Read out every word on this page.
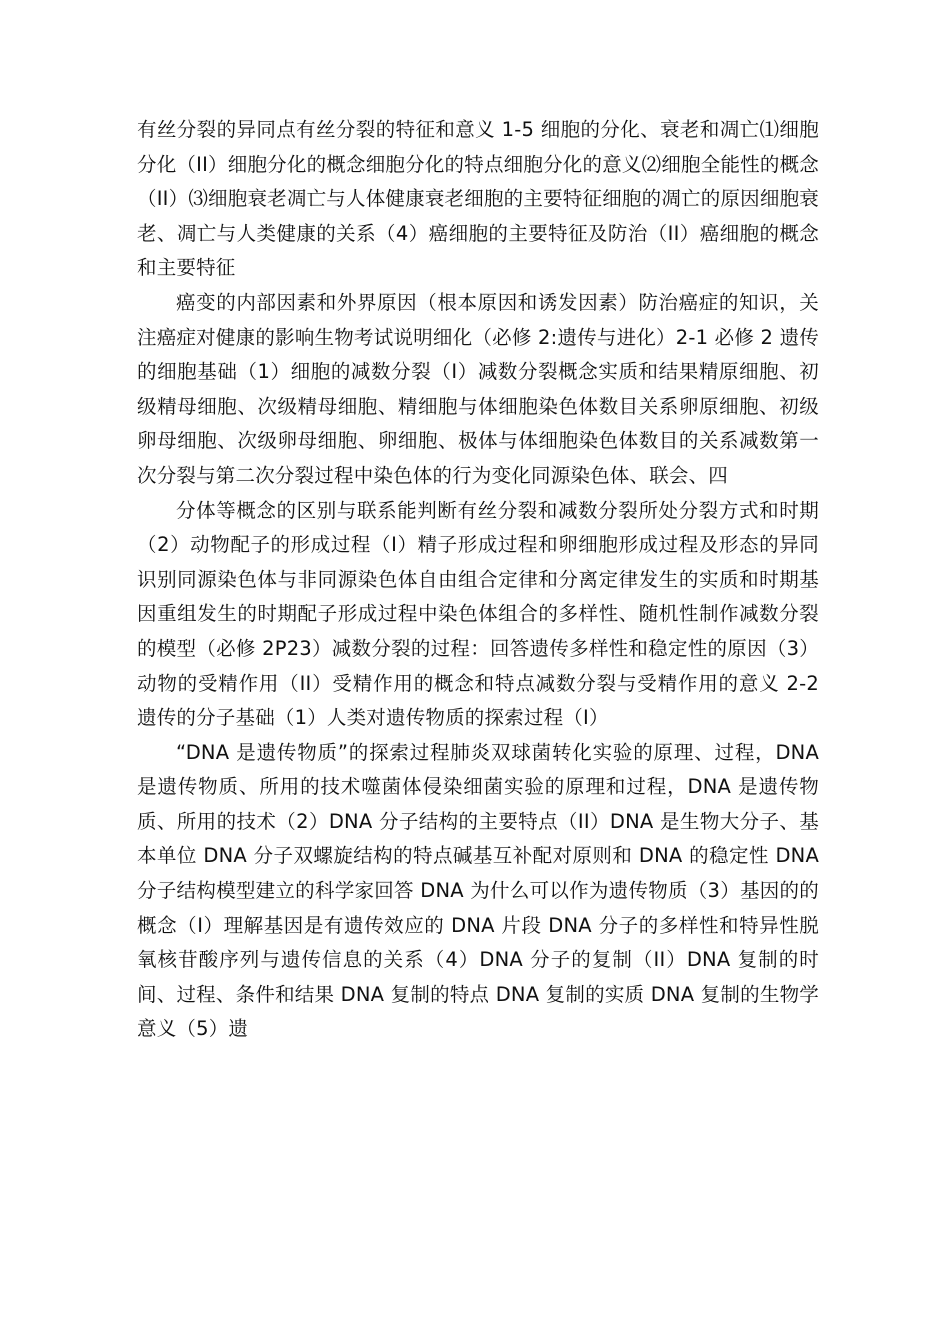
有丝分裂的异同点有丝分裂的特征和意义 1-5 细胞的分化、衰老和凋亡⑴细胞分化（II）细胞分化的概念细胞分化的特点细胞分化的意义⑵细胞全能性的概念（II）⑶细胞衰老凋亡与人体健康衰老细胞的主要特征细胞的凋亡的原因细胞衰老、凋亡与人类健康的关系（4）癌细胞的主要特征及防治（II）癌细胞的概念和主要特征

癌变的内部因素和外界原因（根本原因和诱发因素）防治癌症的知识，关注癌症对健康的影响生物考试说明细化（必修 2:遗传与进化）2-1 必修 2 遗传的细胞基础（1）细胞的减数分裂（I）减数分裂概念实质和结果精原细胞、初级精母细胞、次级精母细胞、精细胞与体细胞染色体数目关系卵原细胞、初级卵母细胞、次级卵母细胞、卵细胞、极体与体细胞染色体数目的关系减数第一次分裂与第二次分裂过程中染色体的行为变化同源染色体、联会、四

分体等概念的区别与联系能判断有丝分裂和减数分裂所处分裂方式和时期（2）动物配子的形成过程（I）精子形成过程和卵细胞形成过程及形态的异同识别同源染色体与非同源染色体自由组合定律和分离定律发生的实质和时期基因重组发生的时期配子形成过程中染色体组合的多样性、随机性制作减数分裂的模型（必修 2P23）减数分裂的过程：回答遗传多样性和稳定性的原因（3）动物的受精作用（II）受精作用的概念和特点减数分裂与受精作用的意义 2-2 遗传的分子基础（1）人类对遗传物质的探索过程（I）

“DNA 是遗传物质”的探索过程肺炎双球菌转化实验的原理、过程，DNA 是遗传物质、所用的技术噬菌体侵染细菌实验的原理和过程，DNA 是遗传物质、所用的技术（2）DNA 分子结构的主要特点（II）DNA 是生物大分子、基本单位 DNA 分子双螺旋结构的特点碱基互补配对原则和 DNA 的稳定性 DNA 分子结构模型建立的科学家回答 DNA 为什么可以作为遗传物质（3）基因的的概念（I）理解基因是有遗传效应的 DNA 片段 DNA 分子的多样性和特异性脱氧核苷酸序列与遗传信息的关系（4）DNA 分子的复制（II）DNA 复制的时间、过程、条件和结果 DNA 复制的特点 DNA 复制的实质 DNA 复制的生物学意义（5）遗
